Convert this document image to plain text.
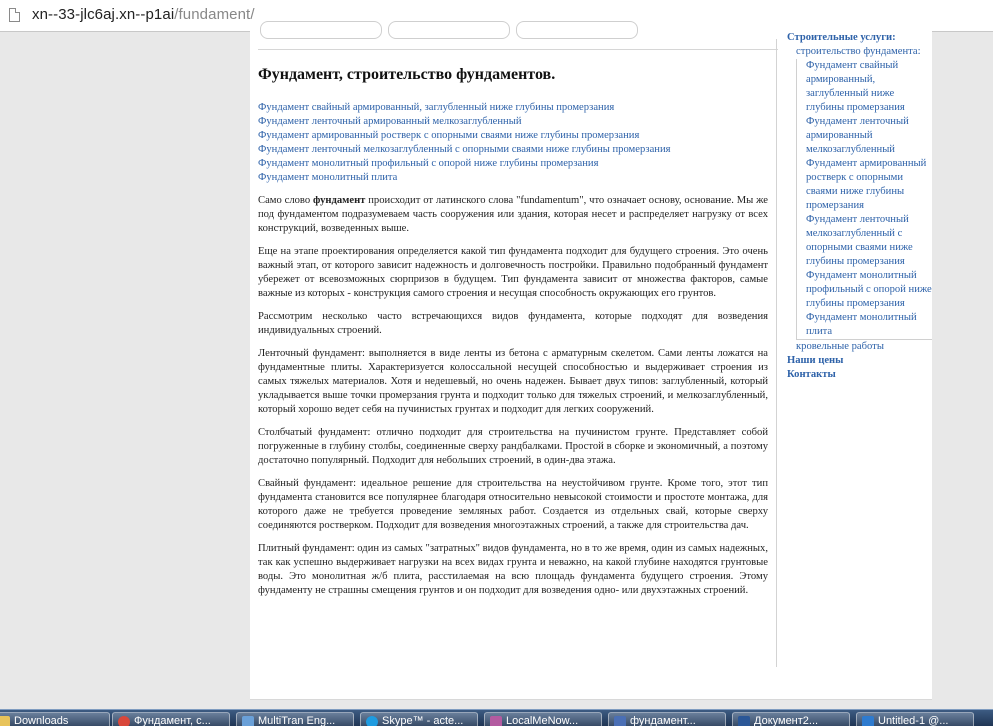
xn--33-jlc6aj.xn--p1ai/fundament/
Фундамент, строительство фундаментов.
Фундамент свайный армированный, заглубленный ниже глубины промерзания
Фундамент ленточный армированный мелкозаглубленный
Фундамент армированный ростверк с опорными сваями ниже глубины промерзания
Фундамент ленточный мелкозаглубленный с опорными сваями ниже глубины промерзания
Фундамент монолитный профильный с опорой ниже глубины промерзания
Фундамент монолитный плита

Само слово фундамент происходит от латинского слова "fundamentum", что означает основу, основание. Мы же под фундаментом подразумеваем часть сооружения или здания, которая несет и распределяет нагрузку от всех конструкций, возведенных выше.

Еще на этапе проектирования определяется какой тип фундамента подходит для будущего строения. Это очень важный этап, от которого зависит надежность и долговечность постройки. Правильно подобранный фундамент убережет от всевозможных сюрпризов в будущем. Тип фундамента зависит от множества факторов, самые важные из которых - конструкция самого строения и несущая способность окружающих его грунтов.

Рассмотрим несколько часто встречающихся видов фундамента, которые подходят для возведения индивидуальных строений.

Ленточный фундамент: выполняется в виде ленты из бетона с арматурным скелетом. Сами ленты ложатся на фундаментные плиты. Характеризуется колоссальной несущей способностью и выдерживает строения из самых тяжелых материалов. Хотя и недешевый, но очень надежен. Бывает двух типов: заглубленный, который укладывается выше точки промерзания грунта и подходит только для тяжелых строений, и мелкозаглубленный, который хорошо ведет себя на пучинистых грунтах и подходит для легких сооружений.

Столбчатый фундамент: отлично подходит для строительства на пучинистом грунте. Представляет собой погруженные в глубину столбы, соединенные сверху рандбалками. Простой в сборке и экономичный, а поэтому достаточно популярный. Подходит для небольших строений, в один-два этажа.

Свайный фундамент: идеальное решение для строительства на неустойчивом грунте. Кроме того, этот тип фундамента становится все популярнее благодаря относительно невысокой стоимости и простоте монтажа, для которого даже не требуется проведение земляных работ. Создается из отдельных свай, которые сверху соединяются ростверком. Подходит для возведения многоэтажных строений, а также для строительства дач.

Плитный фундамент: один из самых "затратных" видов фундамента, но в то же время, один из самых надежных, так как успешно выдерживает нагрузки на всех видах грунта и неважно, на какой глубине находятся грунтовые воды. Это монолитная ж/б плита, расстилаемая на всю площадь фундамента будущего строения. Этому фундаменту не страшны смещения грунтов и он подходит для возведения одно- или двухэтажных строений.

Строительные услуги:
строительство фундамента:
Фундамент свайный армированный, заглубленный ниже глубины промерзания
Фундамент ленточный армированный мелкозаглубленный
Фундамент армированный ростверк с опорными сваями ниже глубины промерзания
Фундамент ленточный мелкозаглубленный с опорными сваями ниже глубины промерзания
Фундамент монолитный профильный с опорой ниже глубины промерзания
Фундамент монолитный плита
кровельные работы
Наши цены
Контакты
Downloads	Фундамент, с...	MultiTran Eng...	Skype™ - acte...	LocalMeNow...	фундамент...	Документ2...	Untitled-1 @...
